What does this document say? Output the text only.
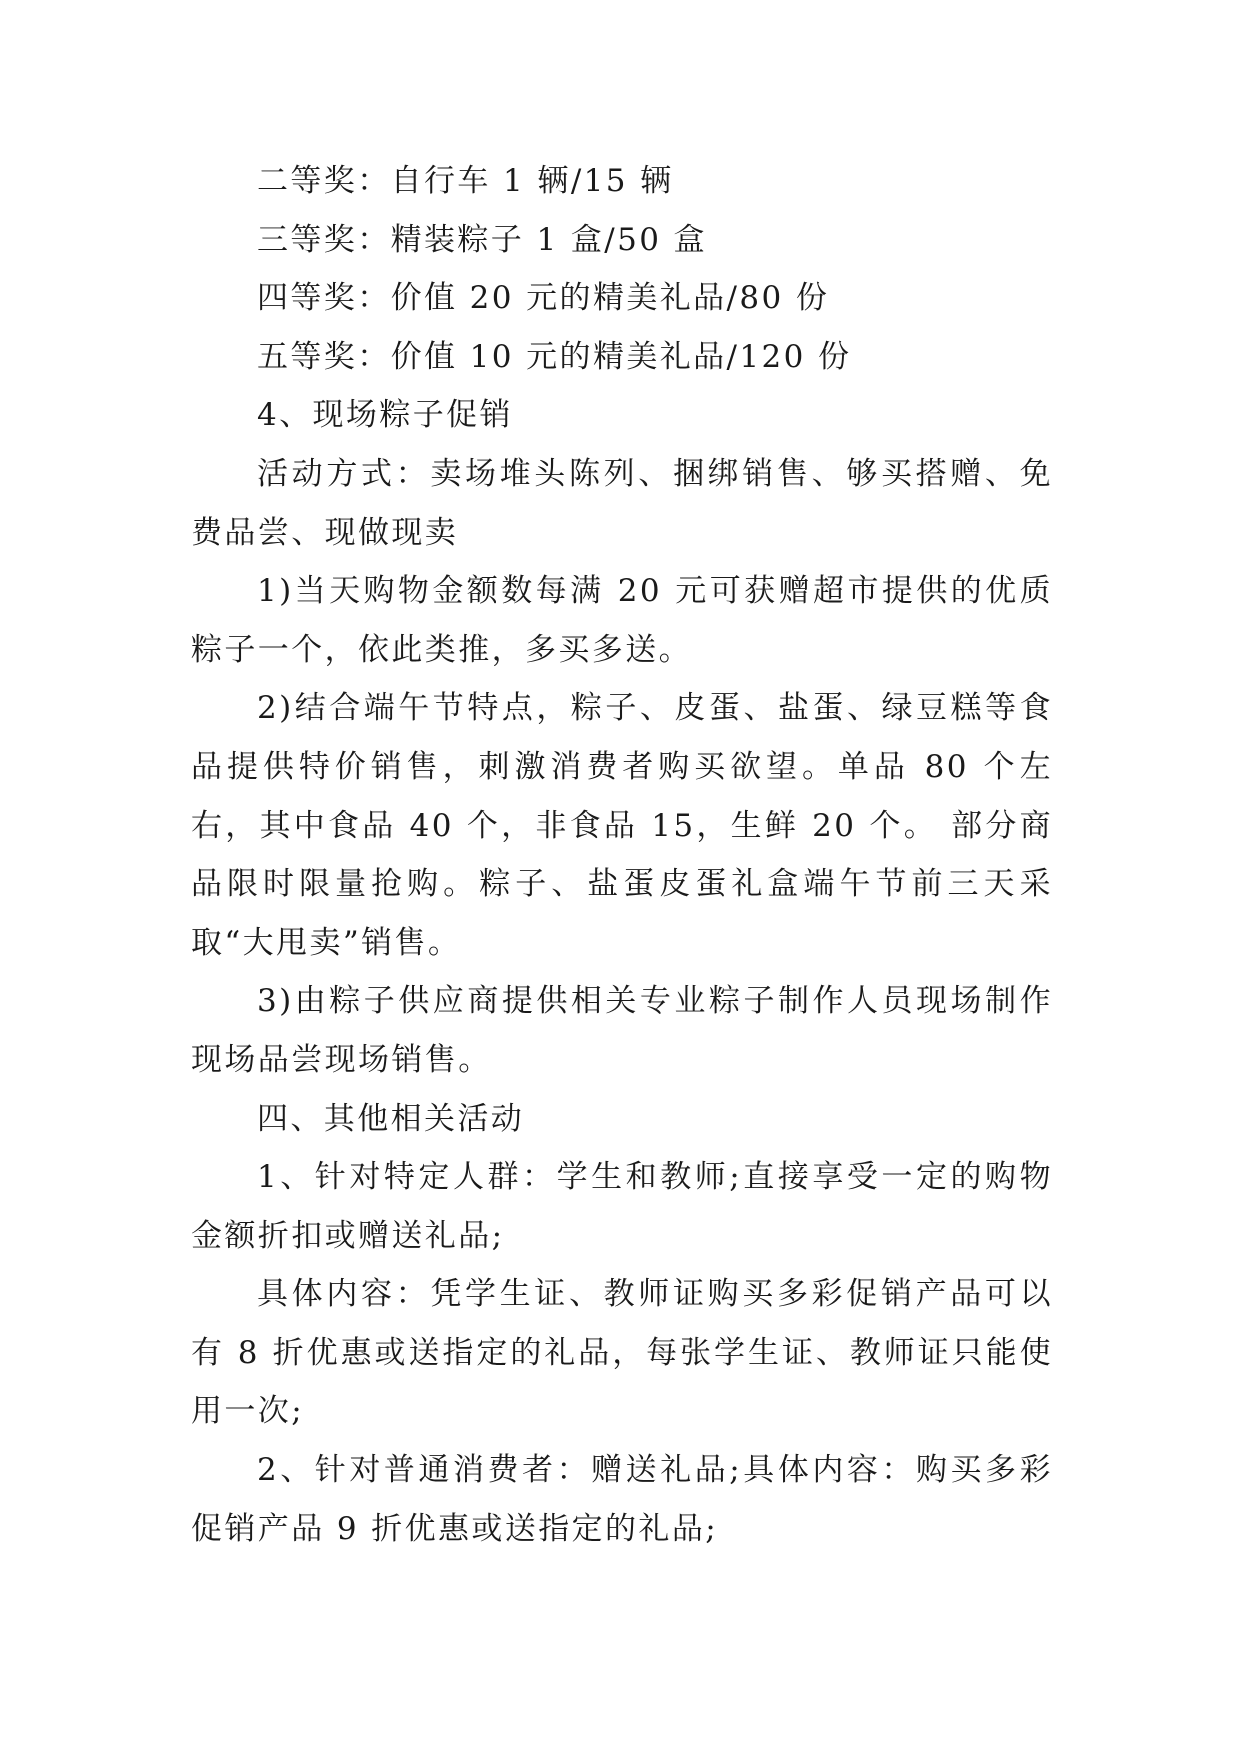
二等奖：自行车 1 辆/15 辆

三等奖：精装粽子 1 盒/50 盒

四等奖：价值 20 元的精美礼品/80 份

五等奖：价值 10 元的精美礼品/120 份

4、现场粽子促销

活动方式：卖场堆头陈列、捆绑销售、够买搭赠、免费品尝、现做现卖

1)当天购物金额数每满 20 元可获赠超市提供的优质粽子一个，依此类推，多买多送。

2)结合端午节特点，粽子、皮蛋、盐蛋、绿豆糕等食品提供特价销售，刺激消费者购买欲望。单品 80 个左右，其中食品 40 个，非食品 15，生鲜 20 个。 部分商品限时限量抢购。粽子、盐蛋皮蛋礼盒端午节前三天采取“大甩卖”销售。

3)由粽子供应商提供相关专业粽子制作人员现场制作现场品尝现场销售。

四、其他相关活动

1、针对特定人群：学生和教师;直接享受一定的购物金额折扣或赠送礼品;

具体内容：凭学生证、教师证购买多彩促销产品可以有 8 折优惠或送指定的礼品，每张学生证、教师证只能使用一次;

2、针对普通消费者：赠送礼品;具体内容：购买多彩促销产品 9 折优惠或送指定的礼品;
